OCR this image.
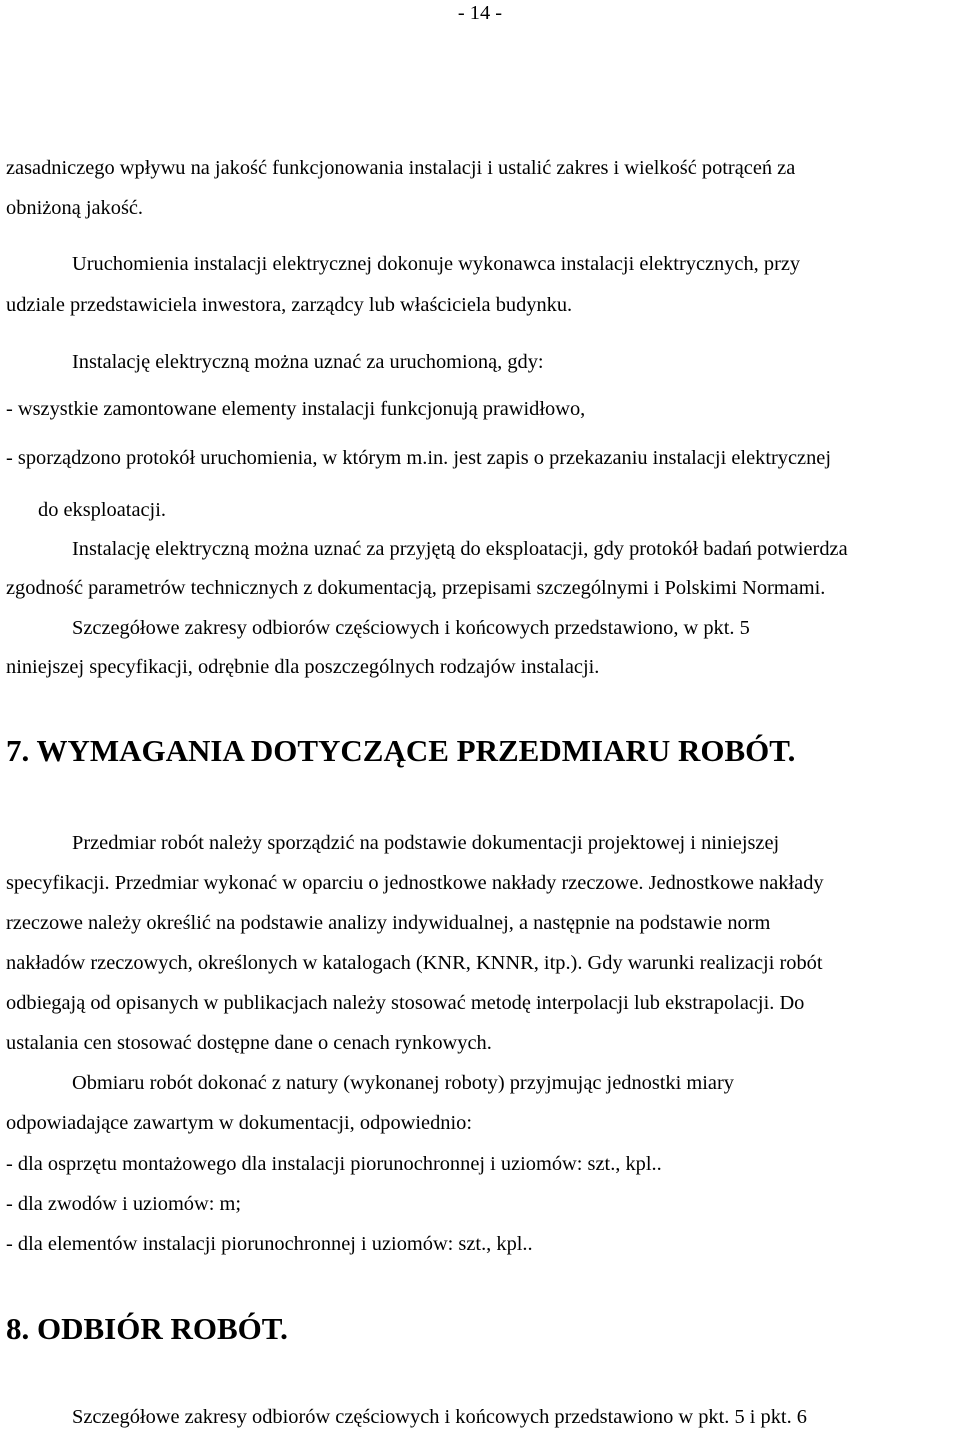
- 14 -
zasadniczego wpływu na jakość funkcjonowania instalacji i ustalić zakres i wielkość potrąceń za
obniżoną jakość.
Uruchomienia instalacji elektrycznej dokonuje wykonawca instalacji elektrycznych, przy
udziale przedstawiciela inwestora, zarządcy lub właściciela budynku.
Instalację elektryczną można uznać za uruchomioną, gdy:
- wszystkie zamontowane elementy instalacji funkcjonują prawidłowo,
- sporządzono protokół uruchomienia, w którym m.in. jest zapis o przekazaniu instalacji elektrycznej
do eksploatacji.
Instalację elektryczną można uznać za przyjętą do eksploatacji, gdy protokół badań potwierdza
zgodność parametrów technicznych z dokumentacją, przepisami szczególnymi i Polskimi Normami.
Szczegółowe zakresy odbiorów częściowych i końcowych przedstawiono, w pkt. 5
niniejszej specyfikacji, odrębnie dla poszczególnych rodzajów instalacji.
7. WYMAGANIA DOTYCZĄCE PRZEDMIARU ROBÓT.
Przedmiar robót należy sporządzić na podstawie dokumentacji projektowej i niniejszej
specyfikacji. Przedmiar wykonać w oparciu o jednostkowe nakłady rzeczowe. Jednostkowe nakłady
rzeczowe należy określić na podstawie analizy indywidualnej, a następnie na podstawie norm
nakładów rzeczowych, określonych w katalogach (KNR, KNNR, itp.). Gdy warunki realizacji robót
odbiegają od opisanych w publikacjach należy stosować metodę interpolacji lub ekstrapolacji. Do
ustalania cen stosować dostępne dane o cenach rynkowych.
Obmiaru robót dokonać z natury (wykonanej roboty) przyjmując jednostki miary
odpowiadające zawartym w dokumentacji, odpowiednio:
- dla osprzętu montażowego dla instalacji piorunochronnej i uziomów: szt., kpl..
- dla zwodów i uziomów: m;
- dla elementów instalacji piorunochronnej i uziomów: szt., kpl..
8. ODBIÓR ROBÓT.
Szczegółowe zakresy odbiorów częściowych i końcowych przedstawiono w pkt. 5 i pkt. 6
